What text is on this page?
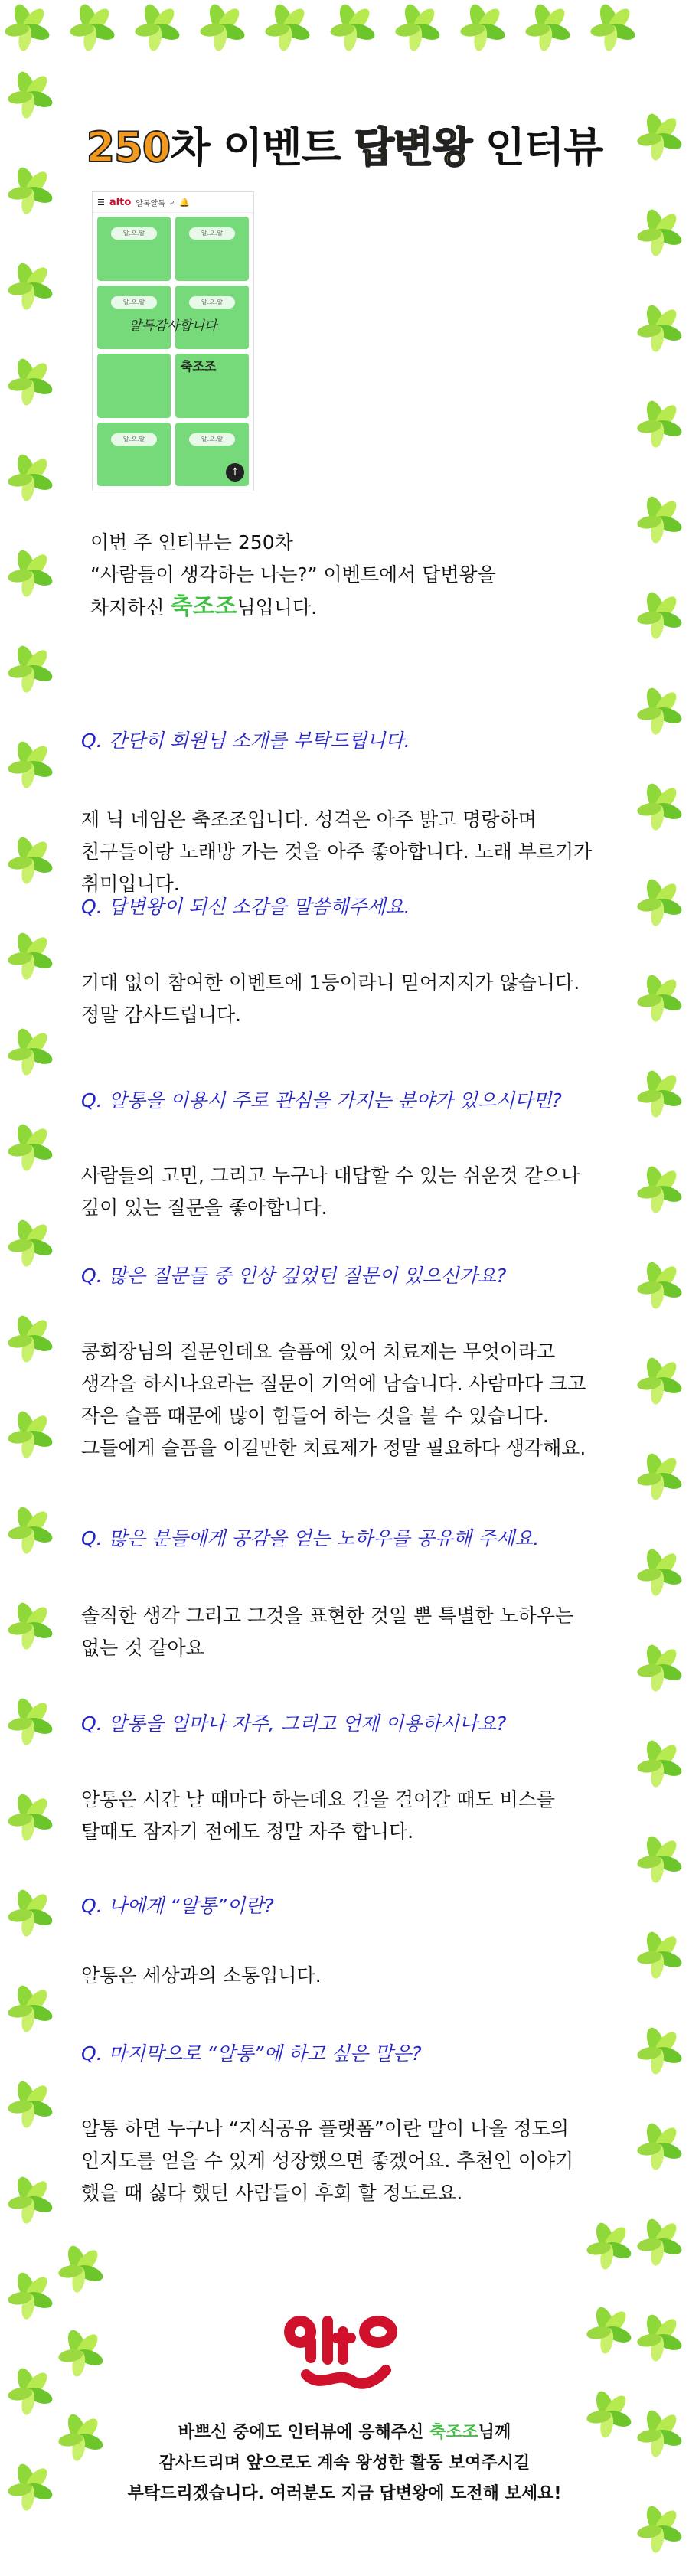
250차 이벤트 답변왕 인터뷰
☰ alto 알톡알톡 ⌕ 🔔
알.오.알	알.오.알
알.오.알	알.오.알
알.오.알	알.오.알
알톡감사합니다
축조조
↑
이번 주 인터뷰는 250차
“사람들이 생각하는 나는?” 이벤트에서 답변왕을
차지하신 축조조님입니다.
Q. 간단히 회원님 소개를 부탁드립니다.
제 닉 네임은 축조조입니다. 성격은 아주 밝고 명랑하며
친구들이랑 노래방 가는 것을 아주 좋아합니다. 노래 부르기가
취미입니다.
Q. 답변왕이 되신 소감을 말씀해주세요.
기대 없이 참여한 이벤트에 1등이라니 믿어지지가 않습니다.
정말 감사드립니다.
Q. 알통을 이용시 주로 관심을 가지는 분야가 있으시다면?
사람들의 고민, 그리고 누구나 대답할 수 있는 쉬운것 같으나
깊이 있는 질문을 좋아합니다.
Q. 많은 질문들 중 인상 깊었던 질문이 있으신가요?
콩회장님의 질문인데요 슬픔에 있어 치료제는 무엇이라고
생각을 하시나요라는 질문이 기억에 남습니다. 사람마다 크고
작은 슬픔 때문에 많이 힘들어 하는 것을 볼 수 있습니다.
그들에게 슬픔을 이길만한 치료제가 정말 필요하다 생각해요.
Q. 많은 분들에게 공감을 얻는 노하우를 공유해 주세요.
솔직한 생각 그리고 그것을 표현한 것일 뿐 특별한 노하우는
없는 것 같아요
Q. 알통을 얼마나 자주, 그리고 언제 이용하시나요?
알통은 시간 날 때마다 하는데요 길을 걸어갈 때도 버스를
탈때도 잠자기 전에도 정말 자주 합니다.
Q. 나에게 “알통”이란?
알통은 세상과의 소통입니다.
Q. 마지막으로 “알통”에 하고 싶은 말은?
알통 하면 누구나 “지식공유 플랫폼”이란 말이 나올 정도의
인지도를 얻을 수 있게 성장했으면 좋겠어요. 추천인 이야기
했을 때 싫다 했던 사람들이 후회 할 정도로요.
바쁘신 중에도 인터뷰에 응해주신 축조조님께
감사드리며 앞으로도 계속 왕성한 활동 보여주시길
부탁드리겠습니다. 여러분도 지금 답변왕에 도전해 보세요!
